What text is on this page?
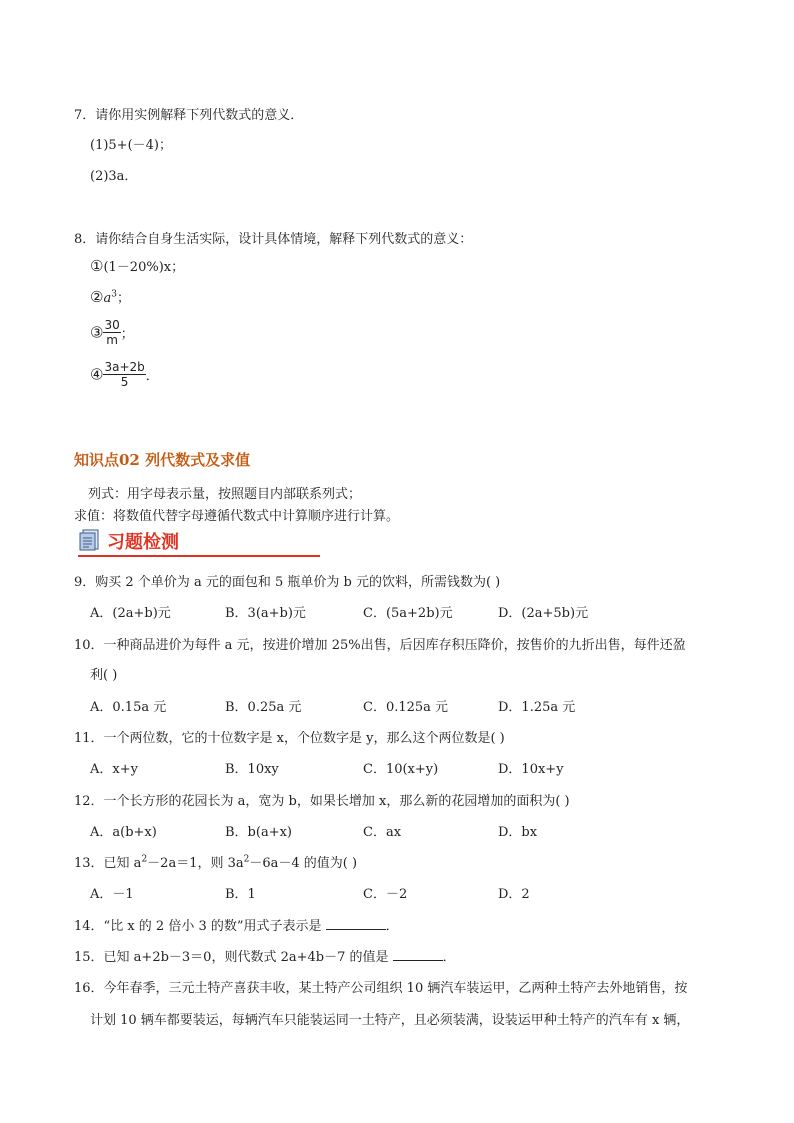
7．请你用实例解释下列代数式的意义．
(1)5+(－4)；
(2)3a．
8．请你结合自身生活实际，设计具体情境，解释下列代数式的意义：
①(1－20%)x；
$②a^3$；
③ $\frac{30}{m}$ ；
④ $\frac{3a+2b}{5}$ ．
知识点02 列代数式及求值
列式：用字母表示量，按照题目内部联系列式；
求值：将数值代替字母遵循代数式中计算顺序进行计算。
习题检测
9．购买 2 个单价为 a 元的面包和 5 瓶单价为 b 元的饮料，所需钱数为( )
A．(2a+b)元	B．3(a+b)元	C．(5a+2b)元	D．(2a+5b)元
10．一种商品进价为每件 a 元，按进价增加 25%出售，后因库存积压降价，按售价的九折出售，每件还盈
利( )
A．0.15a 元	B．0.25a 元	C．0.125a 元	D．1.25a 元
11．一个两位数，它的十位数字是 x，个位数字是 y，那么这个两位数是( )
A．x+y	B．10xy	C．10(x+y)	D．10x+y
12．一个长方形的花园长为 a，宽为 b，如果长增加 x，那么新的花园增加的面积为( )
A．a(b+x)	B．b(a+x)	C．ax	D．bx
13．已知 $a^2-2a=1$，则 $3a^2-6a-4$ 的值为( )
A．－1	B．1	C．－2	D．2
14．“比 x 的 2 倍小 3 的数”用式子表示是	．
15．已知 a+2b－3＝0，则代数式 2a+4b－7 的值是	．
16．今年春季，三元土特产喜获丰收，某土特产公司组织 10 辆汽车装运甲，乙两种土特产去外地销售，按
计划 10 辆车都要装运，每辆汽车只能装运同一土特产，且必须装满，设装运甲种土特产的汽车有 x 辆，
